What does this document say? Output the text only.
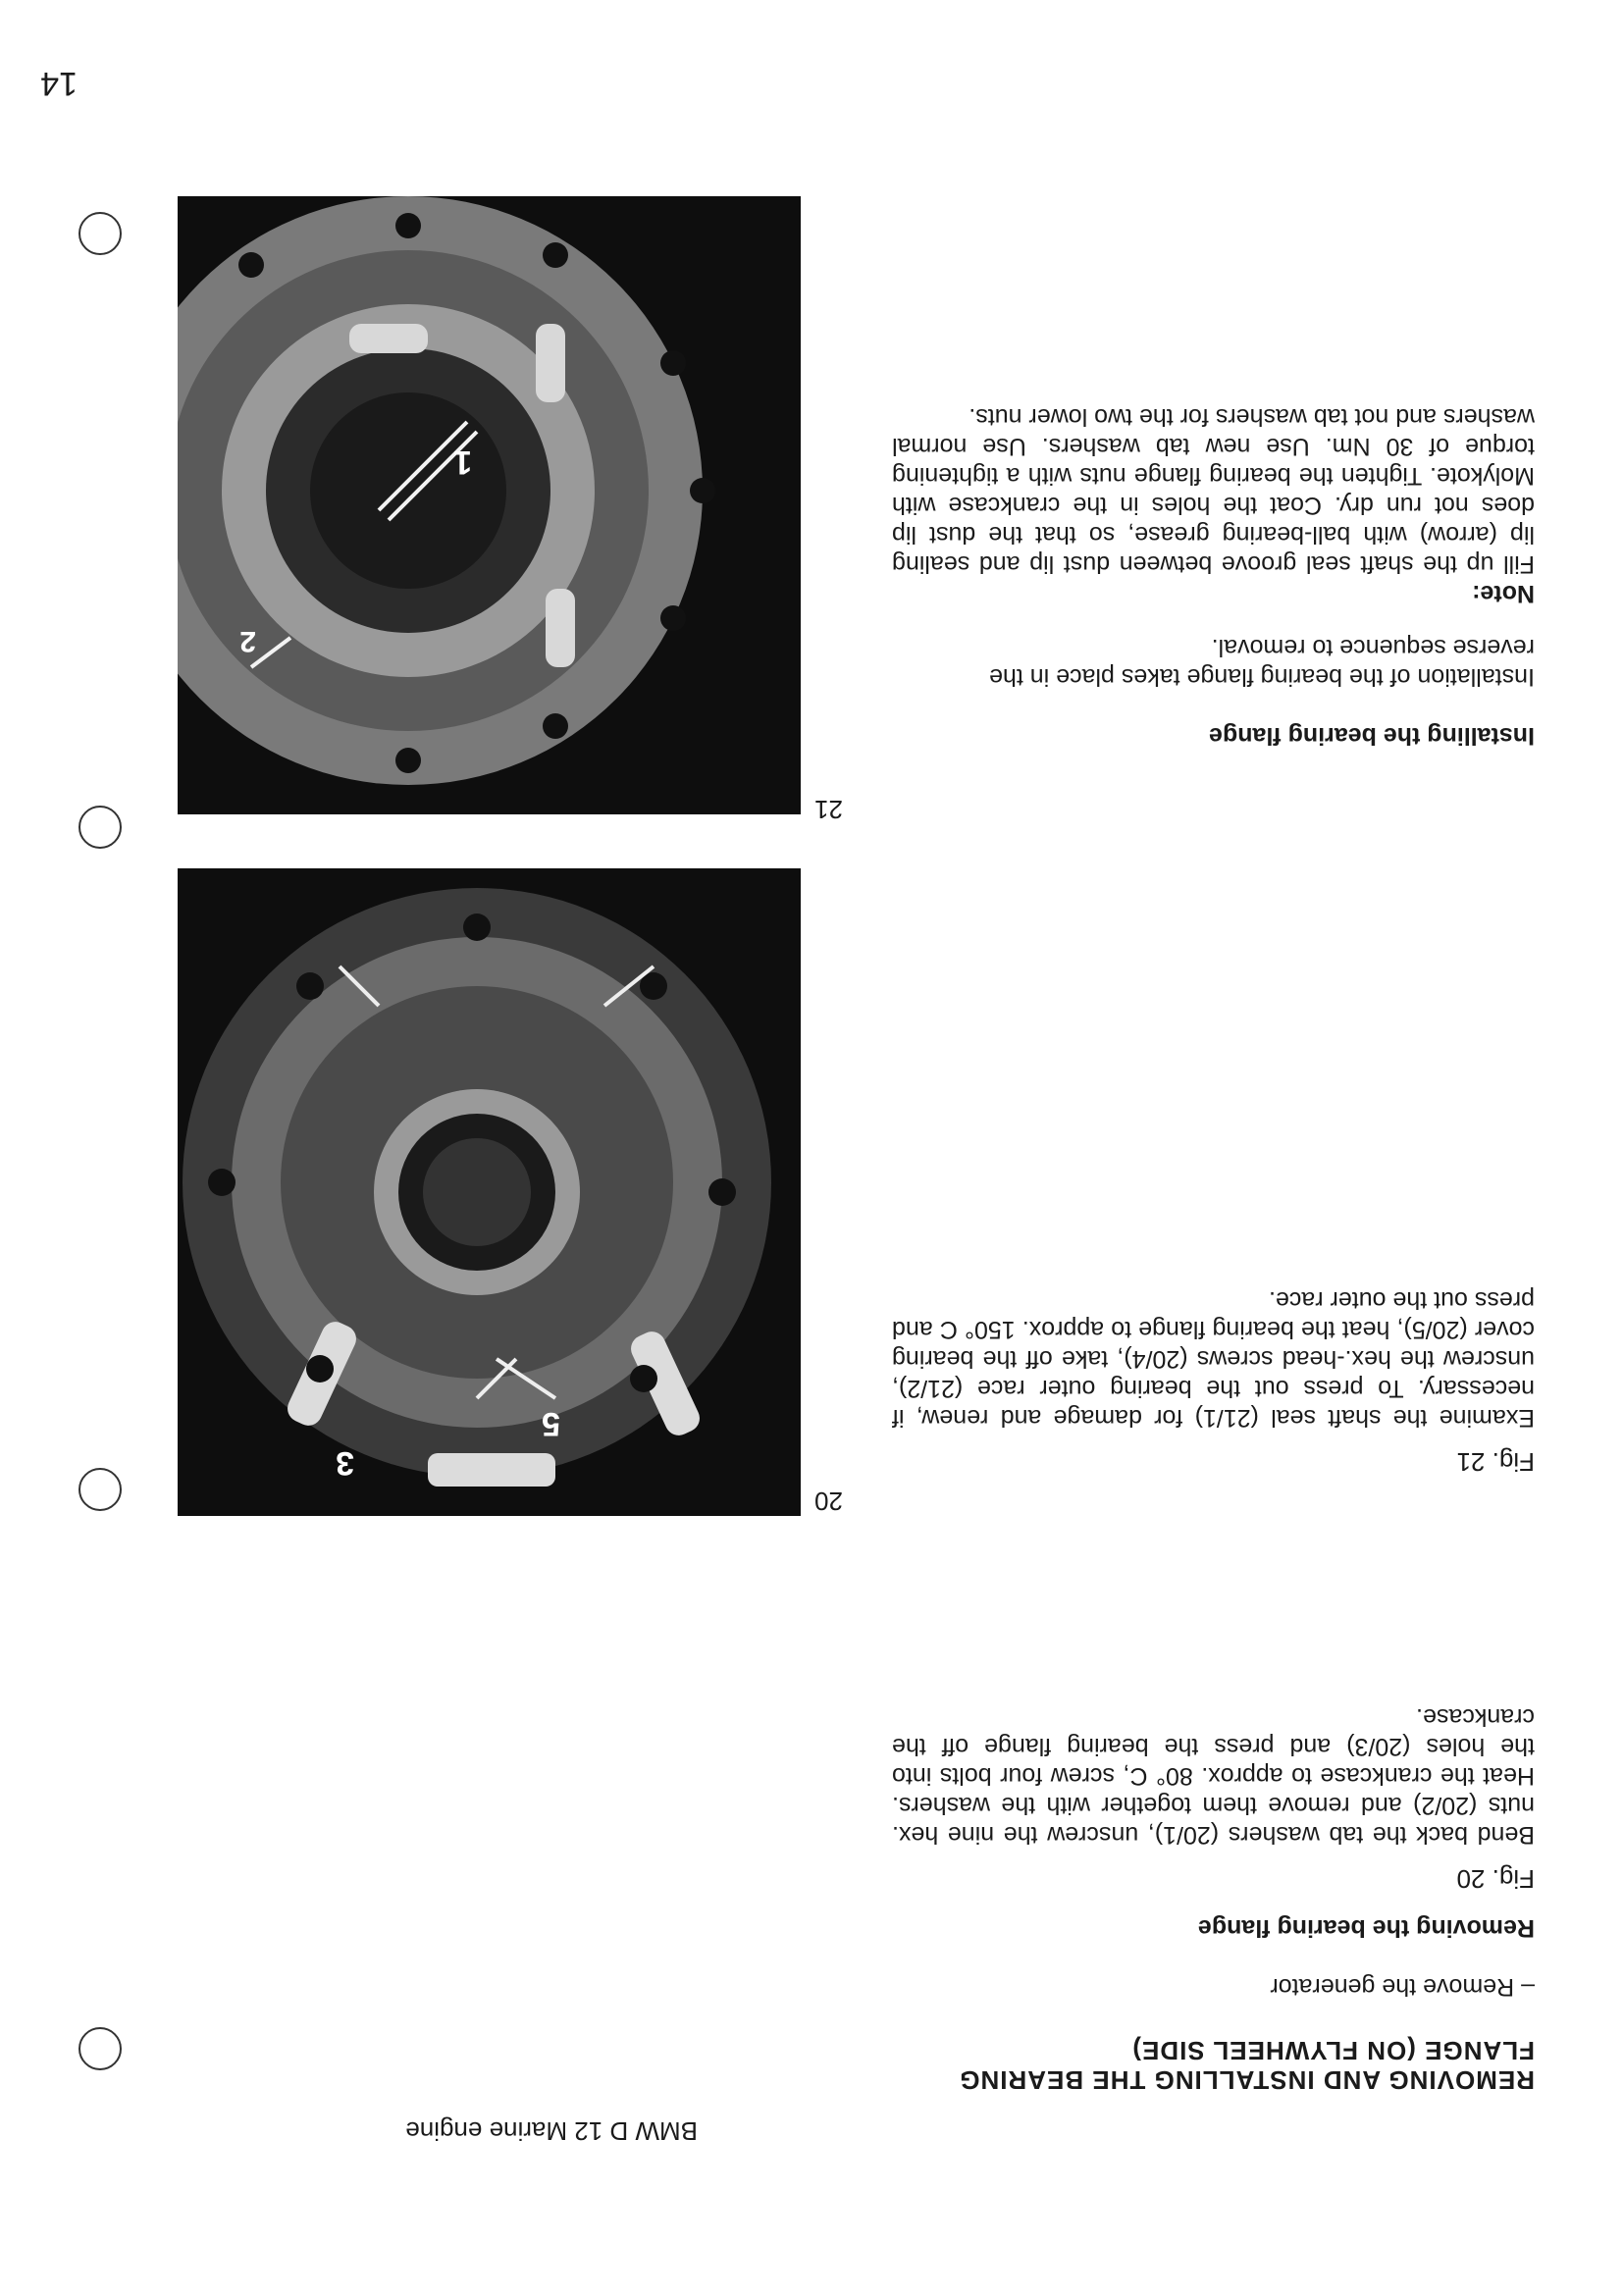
BMW D 12 Marine engine

REMOVING AND INSTALLING THE BEARING
FLANGE (ON FLYWHEEL SIDE)

– Remove the generator

Removing the bearing flange

Fig. 20

Bend back the tab washers (20/1), unscrew the nine hex. nuts (20/2) and remove them together with the washers. Heat the crankcase to approx. 80° C, screw four bolts into the holes (20/3) and press the bearing flange off the crankcase.

Fig. 21

Examine the shaft seal (21/1) for damage and renew, if necessary. To press out the bearing outer race (21/2), unscrew the hex.-head screws (20/4), take off the bearing cover (20/5), heat the bearing flange to approx. 150° C and press out the outer race.

Installing the bearing flange

Installation of the bearing flange takes place in the reverse sequence to removal.

Note:

Fill up the shaft seal groove between dust lip and sealing lip (arrow) with ball-bearing grease, so that the dust lip does not run dry. Coat the holes in the crankcase with Molykote. Tighten the bearing flange nuts with a tightening torque of 30 Nm. Use new tab washers. Use normal washers and not tab washers for the two lower nuts.

14

3
5

20

1
2

21
